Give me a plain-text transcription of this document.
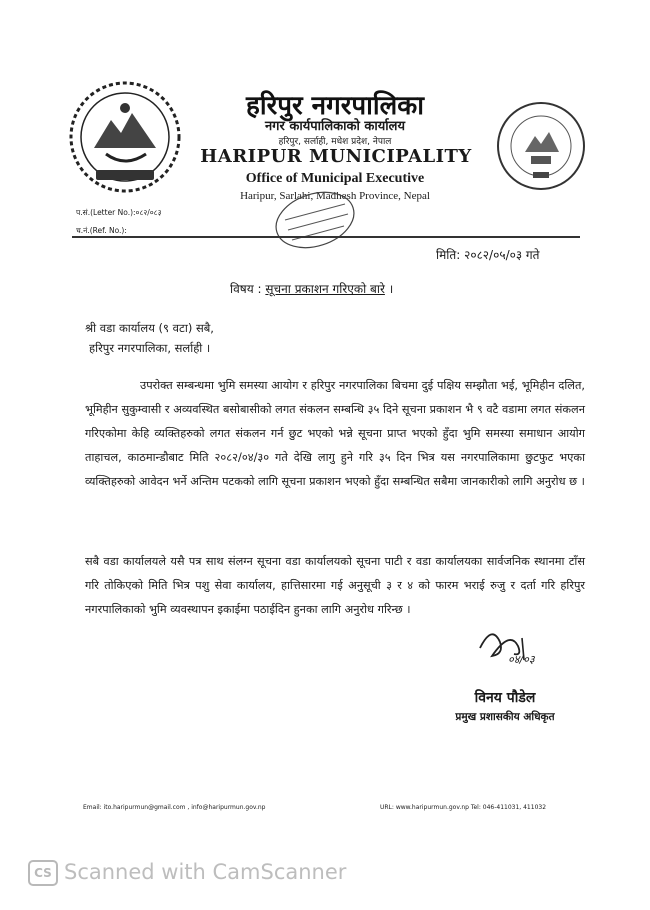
हरिपुर नगरपालिका
नगर कार्यपालिकाको कार्यालय
हरिपुर, सर्लाही, मधेश प्रदेश, नेपाल
HARIPUR MUNICIPALITY
Office of Municipal Executive
Haripur, Sarlahi, Madhesh Province, Nepal
प.सं.(Letter No.):०८२/०८३
च.नं.(Ref. No.):
मिति: २०८२/०५/०३ गते
विषय : सूचना प्रकाशन गरिएको बारे ।
श्री वडा कार्यालय (९ वटा) सबै,
हरिपुर नगरपालिका, सर्लाही ।
उपरोक्त सम्बन्धमा भुमि समस्या आयोग र हरिपुर नगरपालिका बिचमा दुई पक्षिय सम्झौता भई, भूमिहीन दलित, भूमिहीन सुकुम्वासी र अव्यवस्थित बसोबासीको लगत संकलन सम्बन्धि ३५ दिने सूचना प्रकाशन भै ९ वटै वडामा लगत संकलन गरिएकोमा केहि व्यक्तिहरुको लगत संकलन गर्न छुट भएको भन्ने सूचना प्राप्त भएको हुँदा भुमि समस्या समाधान आयोग ताहाचल, काठमान्डौबाट मिति २०८२/०४/३० गते देखि लागु हुने गरि ३५ दिन भित्र यस नगरपालिकामा छुटफुट भएका व्यक्तिहरुको आवेदन भर्ने अन्तिम पटकको लागि सूचना प्रकाशन भएको हुँदा सम्बन्धित सबैमा जानकारीको लागि अनुरोध छ ।
सबै वडा कार्यालयले यसै पत्र साथ संलग्न सूचना वडा कार्यालयको सूचना पाटी र वडा कार्यालयका सार्वजनिक स्थानमा टाँस गरि तोकिएको मिति भित्र पशु सेवा कार्यालय, हात्तिसारमा गई अनुसूची ३ र ४ को फारम भराई रुजु र दर्ता गरि हरिपुर नगरपालिकाको भुमि व्यवस्थापन इकाईमा पठाईदिन हुनका लागि अनुरोध गरिन्छ ।
०४/०३
विनय पौडेल
प्रमुख प्रशासकीय अधिकृत
Email: ito.haripurmun@gmail.com , info@haripurmun.gov.np	URL: www.haripurmun.gov.np Tel: 046-411031, 411032
CS Scanned with CamScanner
